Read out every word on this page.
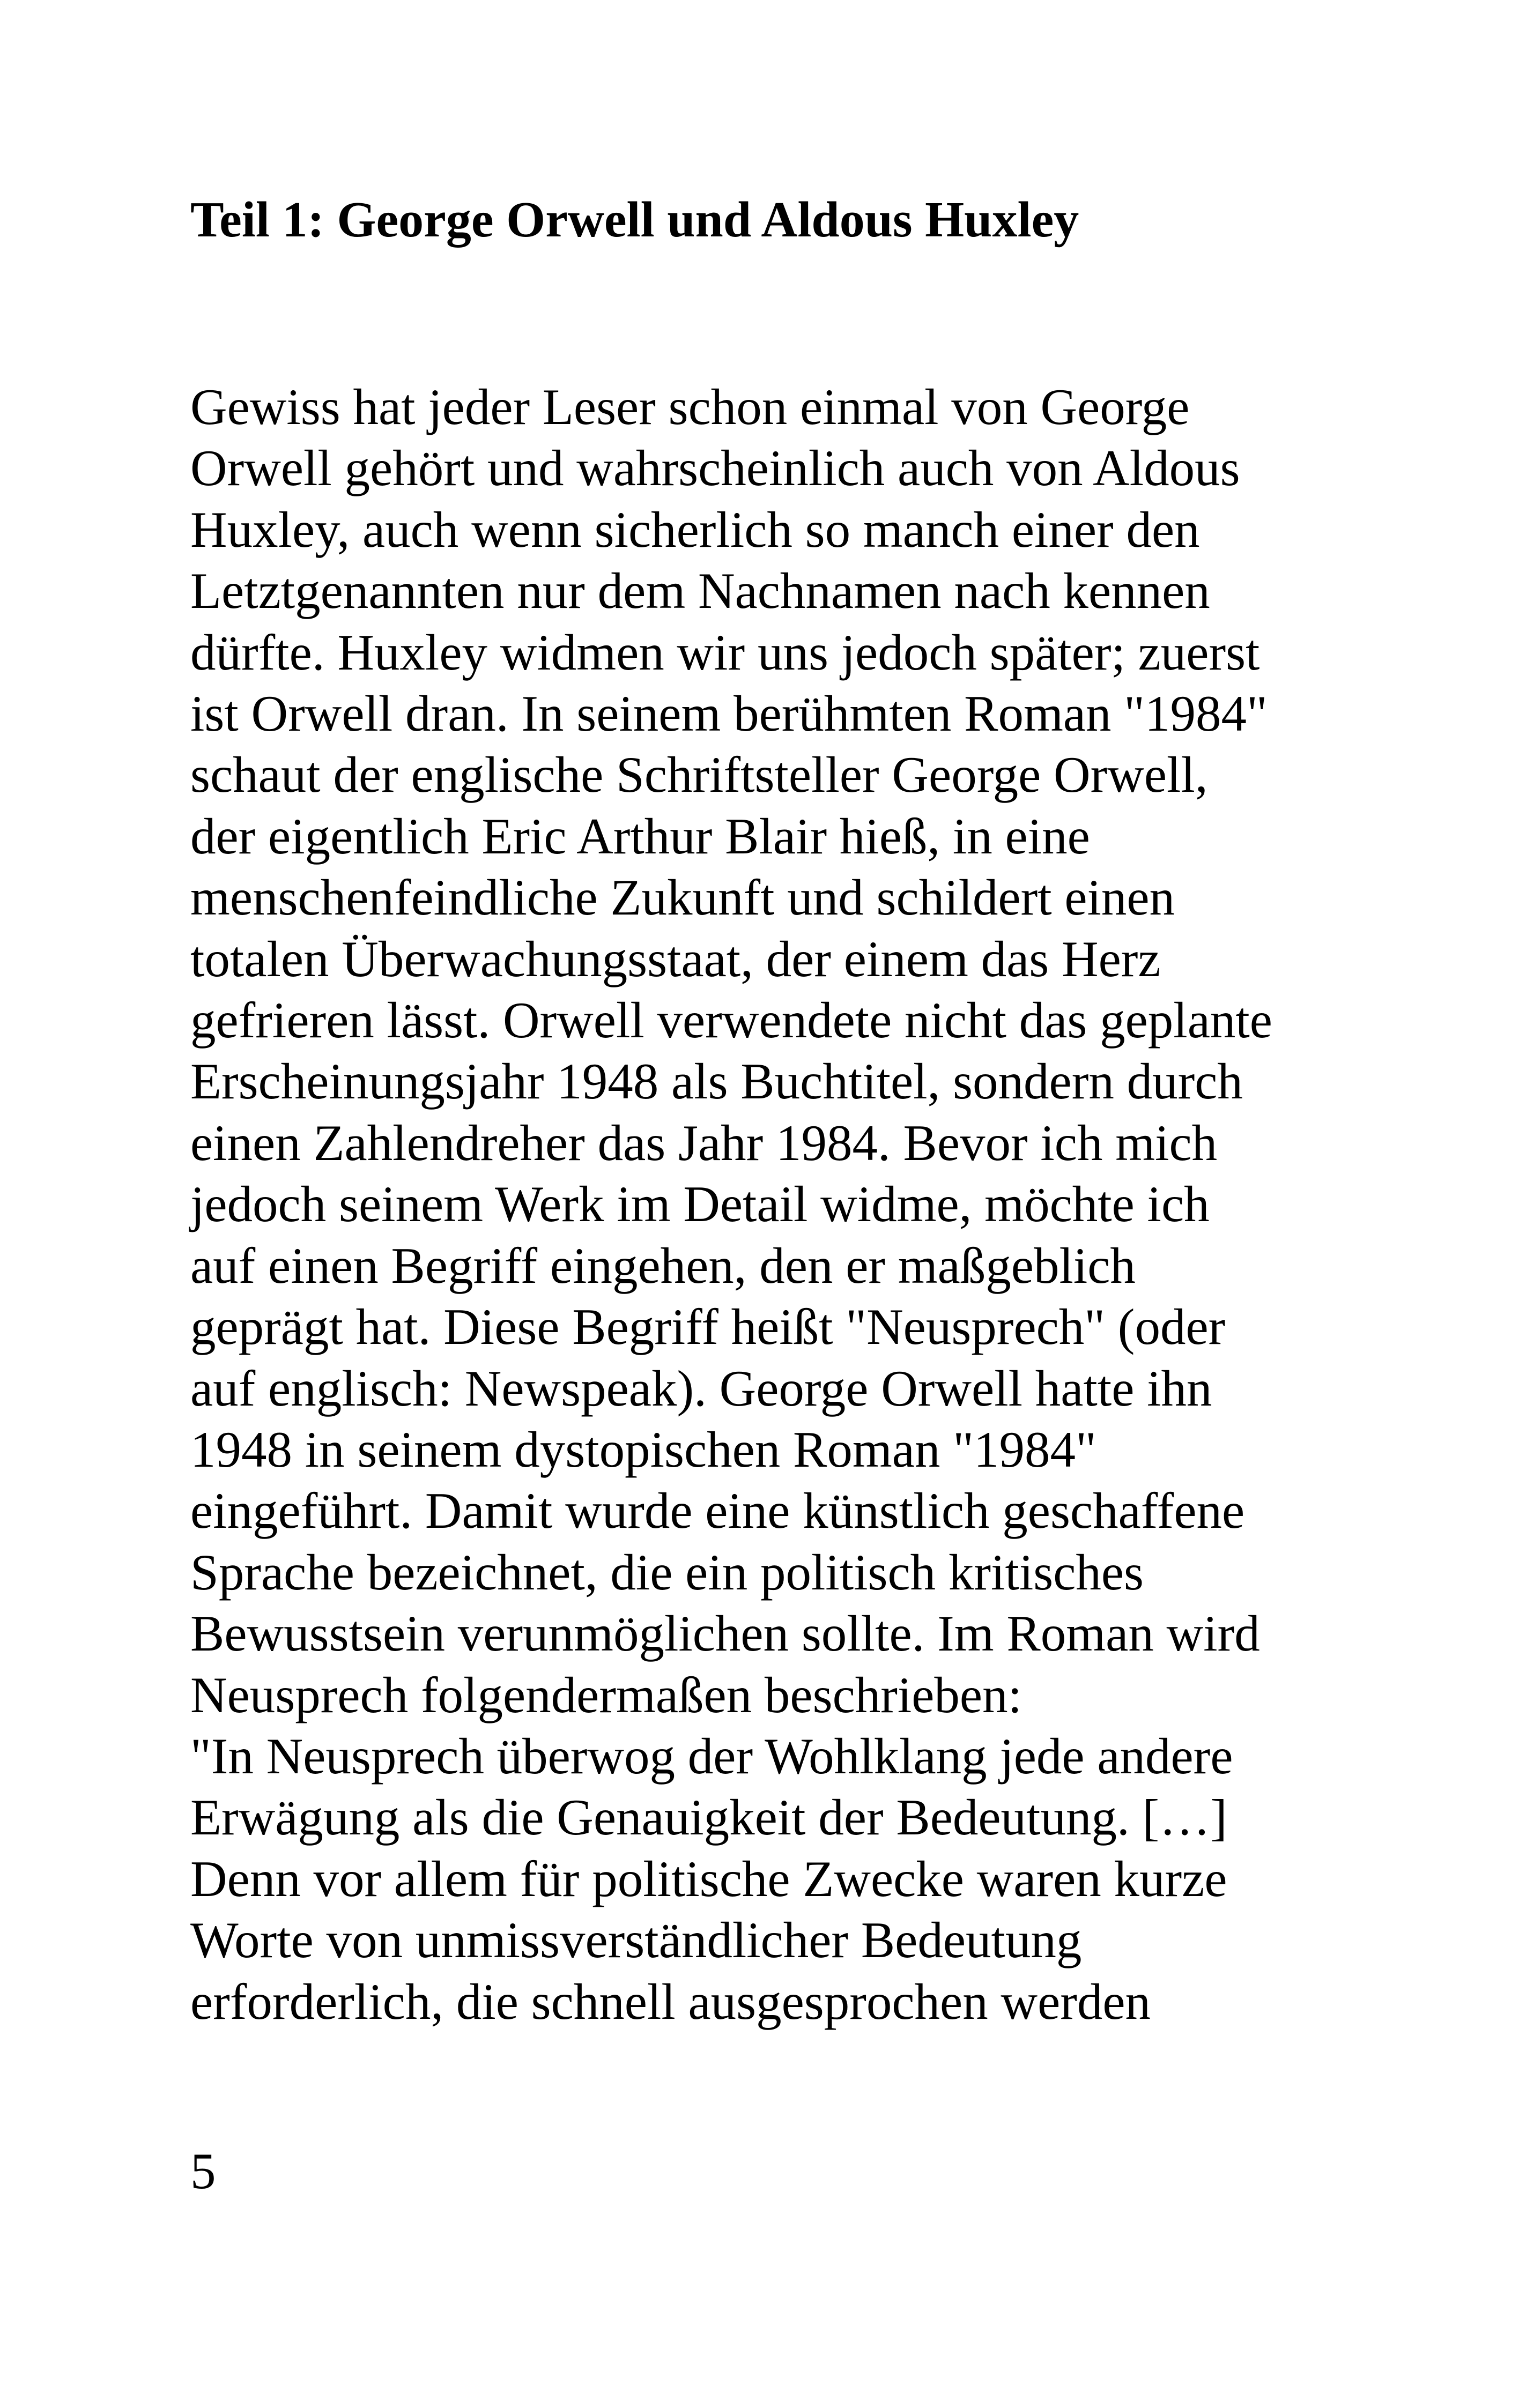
Teil 1: George Orwell und Aldous Huxley
Gewiss hat jeder Leser schon einmal von George
Orwell gehört und wahrscheinlich auch von Aldous
Huxley, auch wenn sicherlich so manch einer den
Letztgenannten nur dem Nachnamen nach kennen
dürfte. Huxley widmen wir uns jedoch später; zuerst
ist Orwell dran. In seinem berühmten Roman "1984"
schaut der englische Schriftsteller George Orwell,
der eigentlich Eric Arthur Blair hieß, in eine
menschenfeindliche Zukunft und schildert einen
totalen Überwachungsstaat, der einem das Herz
gefrieren lässt. Orwell verwendete nicht das geplante
Erscheinungsjahr 1948 als Buchtitel, sondern durch
einen Zahlendreher das Jahr 1984. Bevor ich mich
jedoch seinem Werk im Detail widme, möchte ich
auf einen Begriff eingehen, den er maßgeblich
geprägt hat. Diese Begriff heißt "Neusprech" (oder
auf englisch: Newspeak). George Orwell hatte ihn
1948 in seinem dystopischen Roman "1984"
eingeführt. Damit wurde eine künstlich geschaffene
Sprache bezeichnet, die ein politisch kritisches
Bewusstsein verunmöglichen sollte. Im Roman wird
Neusprech folgendermaßen beschrieben:
"In Neusprech überwog der Wohlklang jede andere
Erwägung als die Genauigkeit der Bedeutung. […]
Denn vor allem für politische Zwecke waren kurze
Worte von unmissverständlicher Bedeutung
erforderlich, die schnell ausgesprochen werden
5
